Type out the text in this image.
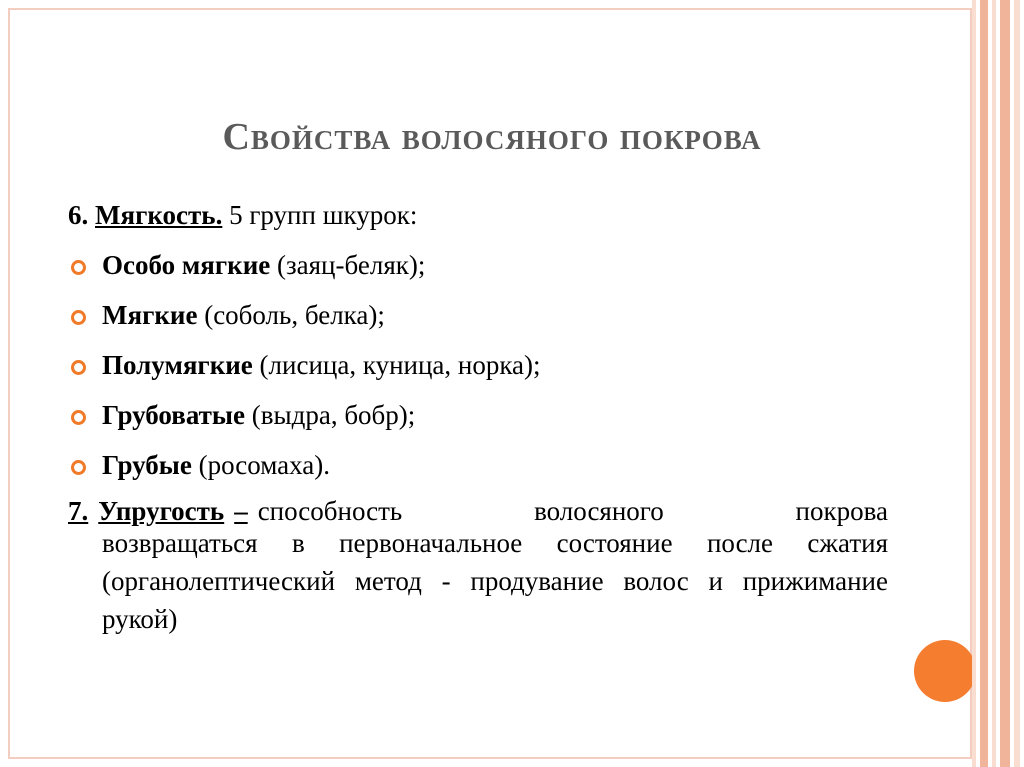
Свойства волосяного покрова
6. Мягкость. 5 групп шкурок:
Особо мягкие (заяц-беляк);
Мягкие (соболь, белка);
Полумягкие (лисица, куница, норка);
Грубоватые (выдра, бобр);
Грубые (росомаха).
7. Упругость – способность волосяного покрова
возвращаться в первоначальное состояние после сжатия (органолептический метод - продувание волос и прижимание рукой)
